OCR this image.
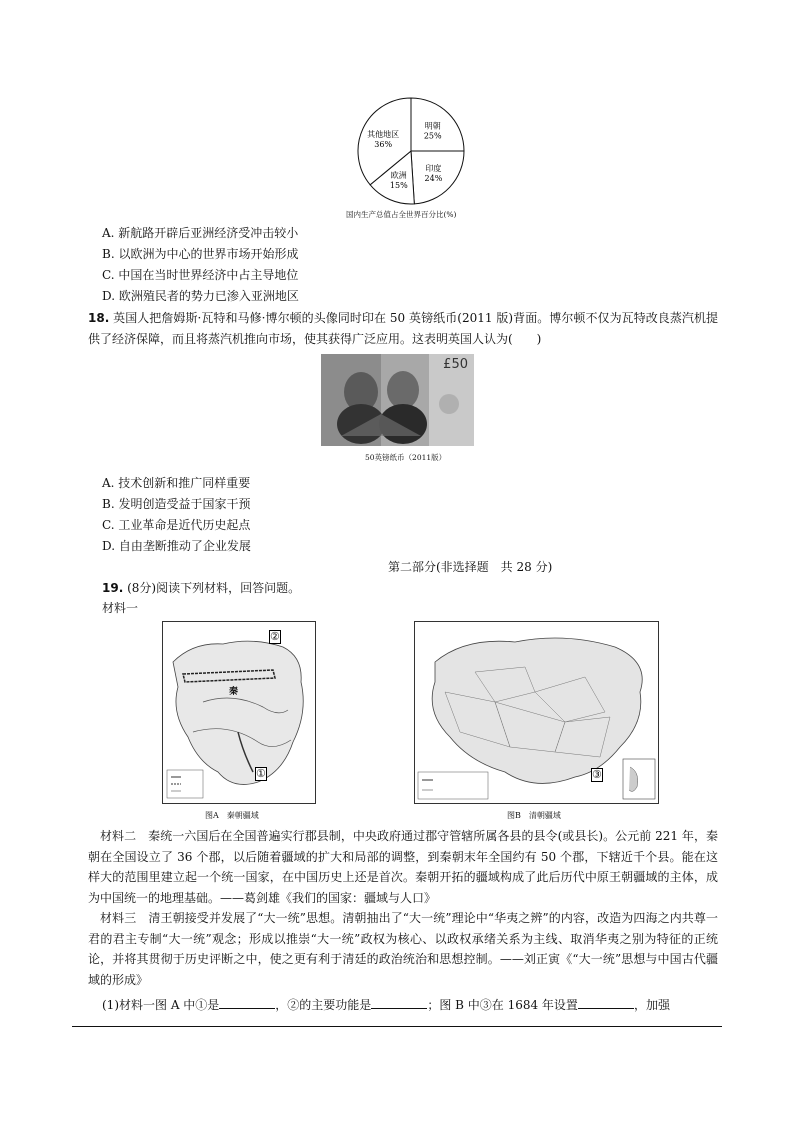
明朝
25%
印度
24%
欧洲
15%
其他地区
36%
国内生产总值占全世界百分比(%)
A. 新航路开辟后亚洲经济受冲击较小
B. 以欧洲为中心的世界市场开始形成
C. 中国在当时世界经济中占主导地位
D. 欧洲殖民者的势力已渗入亚洲地区
18. 英国人把詹姆斯·瓦特和马修·博尔顿的头像同时印在 50 英镑纸币(2011 版)背面。博尔顿不仅为瓦特改良蒸汽机提供了经济保障，而且将蒸汽机推向市场，使其获得广泛应用。这表明英国人认为(　　)
£50
50英镑纸币（2011版）
A. 技术创新和推广同样重要
B. 发明创造受益于国家干预
C. 工业革命是近代历史起点
D. 自由垄断推动了企业发展
第二部分(非选择题　共 28 分)
19. (8分)阅读下列材料，回答问题。
材料一
②
①
秦
图A　秦朝疆域
③
图B　清朝疆域
材料二　秦统一六国后在全国普遍实行郡县制，中央政府通过郡守管辖所属各县的县令(或县长)。公元前 221 年，秦朝在全国设立了 36 个郡，以后随着疆域的扩大和局部的调整，到秦朝末年全国约有 50 个郡，下辖近千个县。能在这样大的范围里建立起一个统一国家，在中国历史上还是首次。秦朝开拓的疆域构成了此后历代中原王朝疆域的主体，成为中国统一的地理基础。——葛剑雄《我们的国家：疆域与人口》
材料三　清王朝接受并发展了“大一统”思想。清朝抽出了“大一统”理论中“华夷之辨”的内容，改造为四海之内共尊一君的君主专制“大一统”观念；形成以推崇“大一统”政权为核心、以政权承绪关系为主线、取消华夷之别为特征的正统论，并将其贯彻于历史评断之中，使之更有利于清廷的政治统治和思想控制。——刘正寅《“大一统”思想与中国古代疆域的形成》
(1)材料一图 A 中①是	，②的主要功能是	；图 B 中③在 1684 年设置	，加强
